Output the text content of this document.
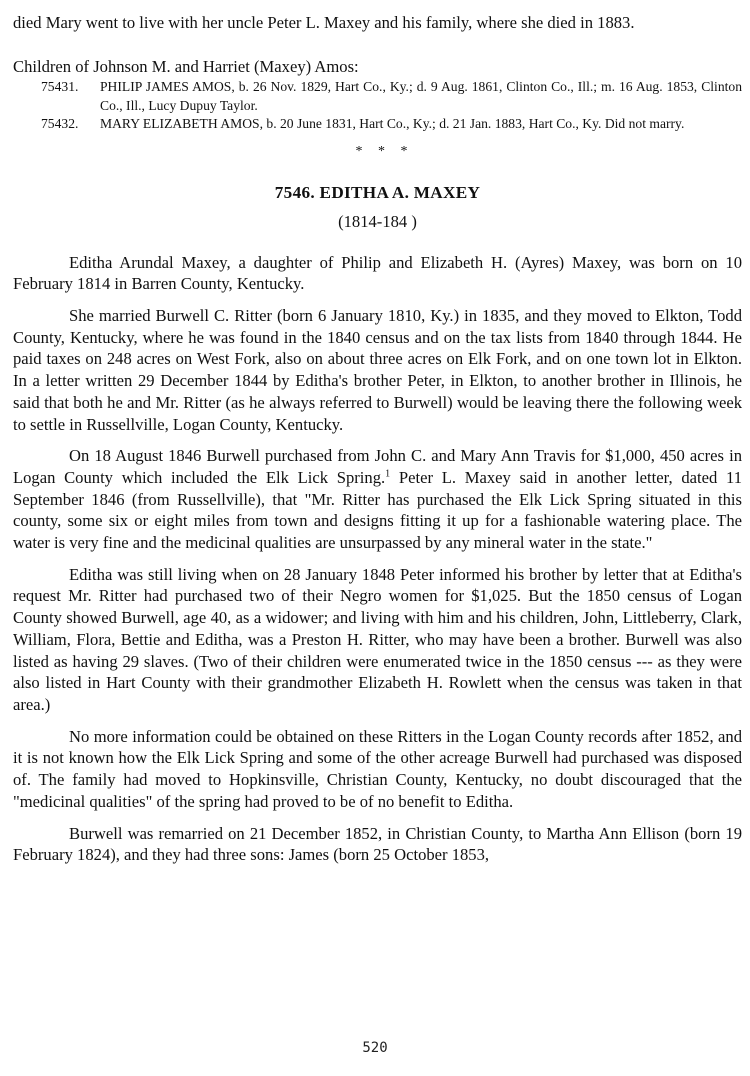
died Mary went to live with her uncle Peter L. Maxey and his family, where she died in 1883.

Children of Johnson M. and Harriet (Maxey) Amos:
75431.	PHILIP JAMES AMOS, b. 26 Nov. 1829, Hart Co., Ky.; d. 9 Aug. 1861, Clinton Co., Ill.; m. 16 Aug. 1853, Clinton Co., Ill., Lucy Dupuy Taylor.
75432.	MARY ELIZABETH AMOS, b. 20 June 1831, Hart Co., Ky.; d. 21 Jan. 1883, Hart Co., Ky. Did not marry.
* * *
7546. EDITHA A. MAXEY
(1814-184 )

Editha Arundal Maxey, a daughter of Philip and Elizabeth H. (Ayres) Maxey, was born on 10 February 1814 in Barren County, Kentucky.

She married Burwell C. Ritter (born 6 January 1810, Ky.) in 1835, and they moved to Elkton, Todd County, Kentucky, where he was found in the 1840 census and on the tax lists from 1840 through 1844. He paid taxes on 248 acres on West Fork, also on about three acres on Elk Fork, and on one town lot in Elkton. In a letter written 29 December 1844 by Editha's brother Peter, in Elkton, to another brother in Illinois, he said that both he and Mr. Ritter (as he always referred to Burwell) would be leaving there the following week to settle in Russellville, Logan County, Kentucky.

On 18 August 1846 Burwell purchased from John C. and Mary Ann Travis for $1,000, 450 acres in Logan County which included the Elk Lick Spring.$^1$ Peter L. Maxey said in another letter, dated 11 September 1846 (from Russellville), that "Mr. Ritter has purchased the Elk Lick Spring situated in this county, some six or eight miles from town and designs fitting it up for a fashionable watering place. The water is very fine and the medicinal qualities are unsurpassed by any mineral water in the state."

Editha was still living when on 28 January 1848 Peter informed his brother by letter that at Editha's request Mr. Ritter had purchased two of their Negro women for $1,025. But the 1850 census of Logan County showed Burwell, age 40, as a widower; and living with him and his children, John, Littleberry, Clark, William, Flora, Bettie and Editha, was a Preston H. Ritter, who may have been a brother. Burwell was also listed as having 29 slaves. (Two of their children were enumerated twice in the 1850 census --- as they were also listed in Hart County with their grandmother Elizabeth H. Rowlett when the census was taken in that area.)

No more information could be obtained on these Ritters in the Logan County records after 1852, and it is not known how the Elk Lick Spring and some of the other acreage Burwell had purchased was disposed of. The family had moved to Hopkinsville, Christian County, Kentucky, no doubt discouraged that the "medicinal qualities" of the spring had proved to be of no benefit to Editha.

Burwell was remarried on 21 December 1852, in Christian County, to Martha Ann Ellison (born 19 February 1824), and they had three sons: James (born 25 October 1853,

520
